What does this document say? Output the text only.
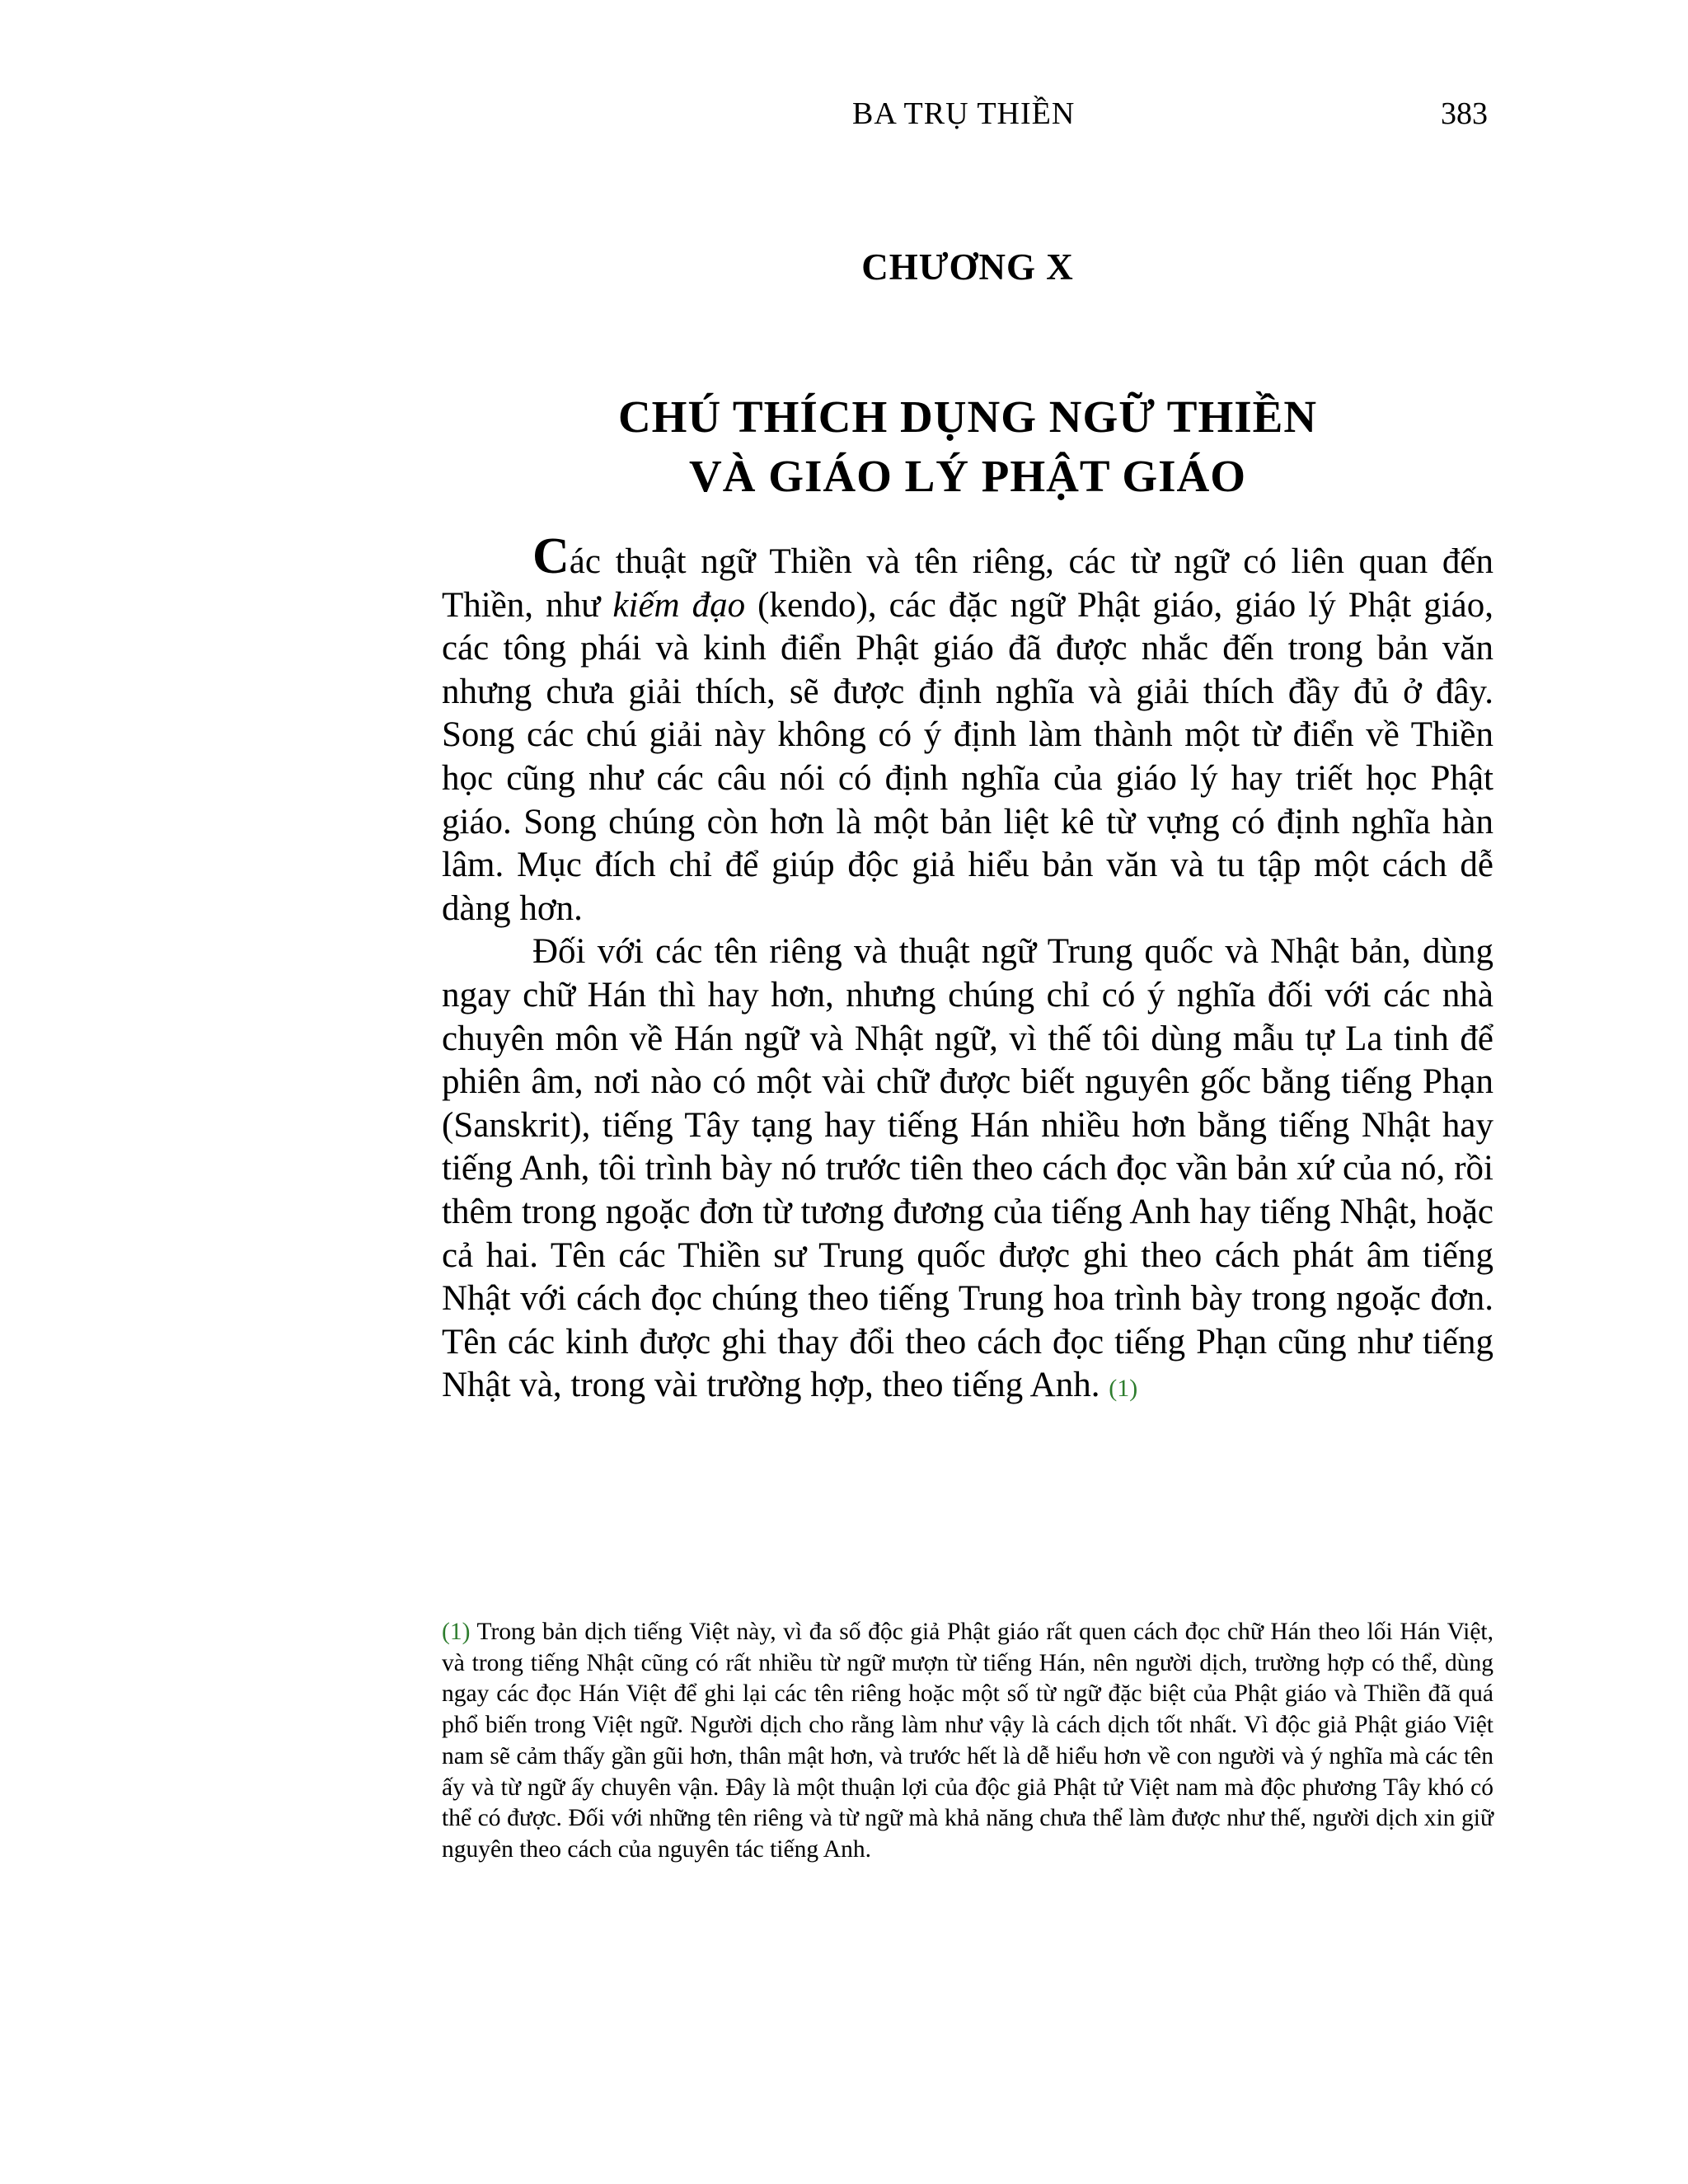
BA TRỤ THIỀN	383
CHƯƠNG X
CHÚ THÍCH DỤNG NGỮ THIỀN
VÀ GIÁO LÝ PHẬT GIÁO

Các thuật ngữ Thiền và tên riêng, các từ ngữ có liên quan đến Thiền, như kiếm đạo (kendo), các đặc ngữ Phật giáo, giáo lý Phật giáo, các tông phái và kinh điển Phật giáo đã được nhắc đến trong bản văn nhưng chưa giải thích, sẽ được định nghĩa và giải thích đầy đủ ở đây. Song các chú giải này không có ý định làm thành một từ điển về Thiền học cũng như các câu nói có định nghĩa của giáo lý hay triết học Phật giáo. Song chúng còn hơn là một bản liệt kê từ vựng có định nghĩa hàn lâm. Mục đích chỉ để giúp độc giả hiểu bản văn và tu tập một cách dễ dàng hơn.

Đối với các tên riêng và thuật ngữ Trung quốc và Nhật bản, dùng ngay chữ Hán thì hay hơn, nhưng chúng chỉ có ý nghĩa đối với các nhà chuyên môn về Hán ngữ và Nhật ngữ, vì thế tôi dùng mẫu tự La tinh để phiên âm, nơi nào có một vài chữ được biết nguyên gốc bằng tiếng Phạn (Sanskrit), tiếng Tây tạng hay tiếng Hán nhiều hơn bằng tiếng Nhật hay tiếng Anh, tôi trình bày nó trước tiên theo cách đọc vần bản xứ của nó, rồi thêm trong ngoặc đơn từ tương đương của tiếng Anh hay tiếng Nhật, hoặc cả hai. Tên các Thiền sư Trung quốc được ghi theo cách phát âm tiếng Nhật với cách đọc chúng theo tiếng Trung hoa trình bày trong ngoặc đơn. Tên các kinh được ghi thay đổi theo cách đọc tiếng Phạn cũng như tiếng Nhật và, trong vài trường hợp, theo tiếng Anh. (1)

(1) Trong bản dịch tiếng Việt này, vì đa số độc giả Phật giáo rất quen cách đọc chữ Hán theo lối Hán Việt, và trong tiếng Nhật cũng có rất nhiều từ ngữ mượn từ tiếng Hán, nên người dịch, trường hợp có thể, dùng ngay các đọc Hán Việt để ghi lại các tên riêng hoặc một số từ ngữ đặc biệt của Phật giáo và Thiền đã quá phổ biến trong Việt ngữ. Người dịch cho rằng làm như vậy là cách dịch tốt nhất. Vì độc giả Phật giáo Việt nam sẽ cảm thấy gần gũi hơn, thân mật hơn, và trước hết là dễ hiểu hơn về con người và ý nghĩa mà các tên ấy và từ ngữ ấy chuyên vận. Đây là một thuận lợi của độc giả Phật tử Việt nam mà độc phương Tây khó có thể có được. Đối với những tên riêng và từ ngữ mà khả năng chưa thể làm được như thế, người dịch xin giữ nguyên theo cách của nguyên tác tiếng Anh.
